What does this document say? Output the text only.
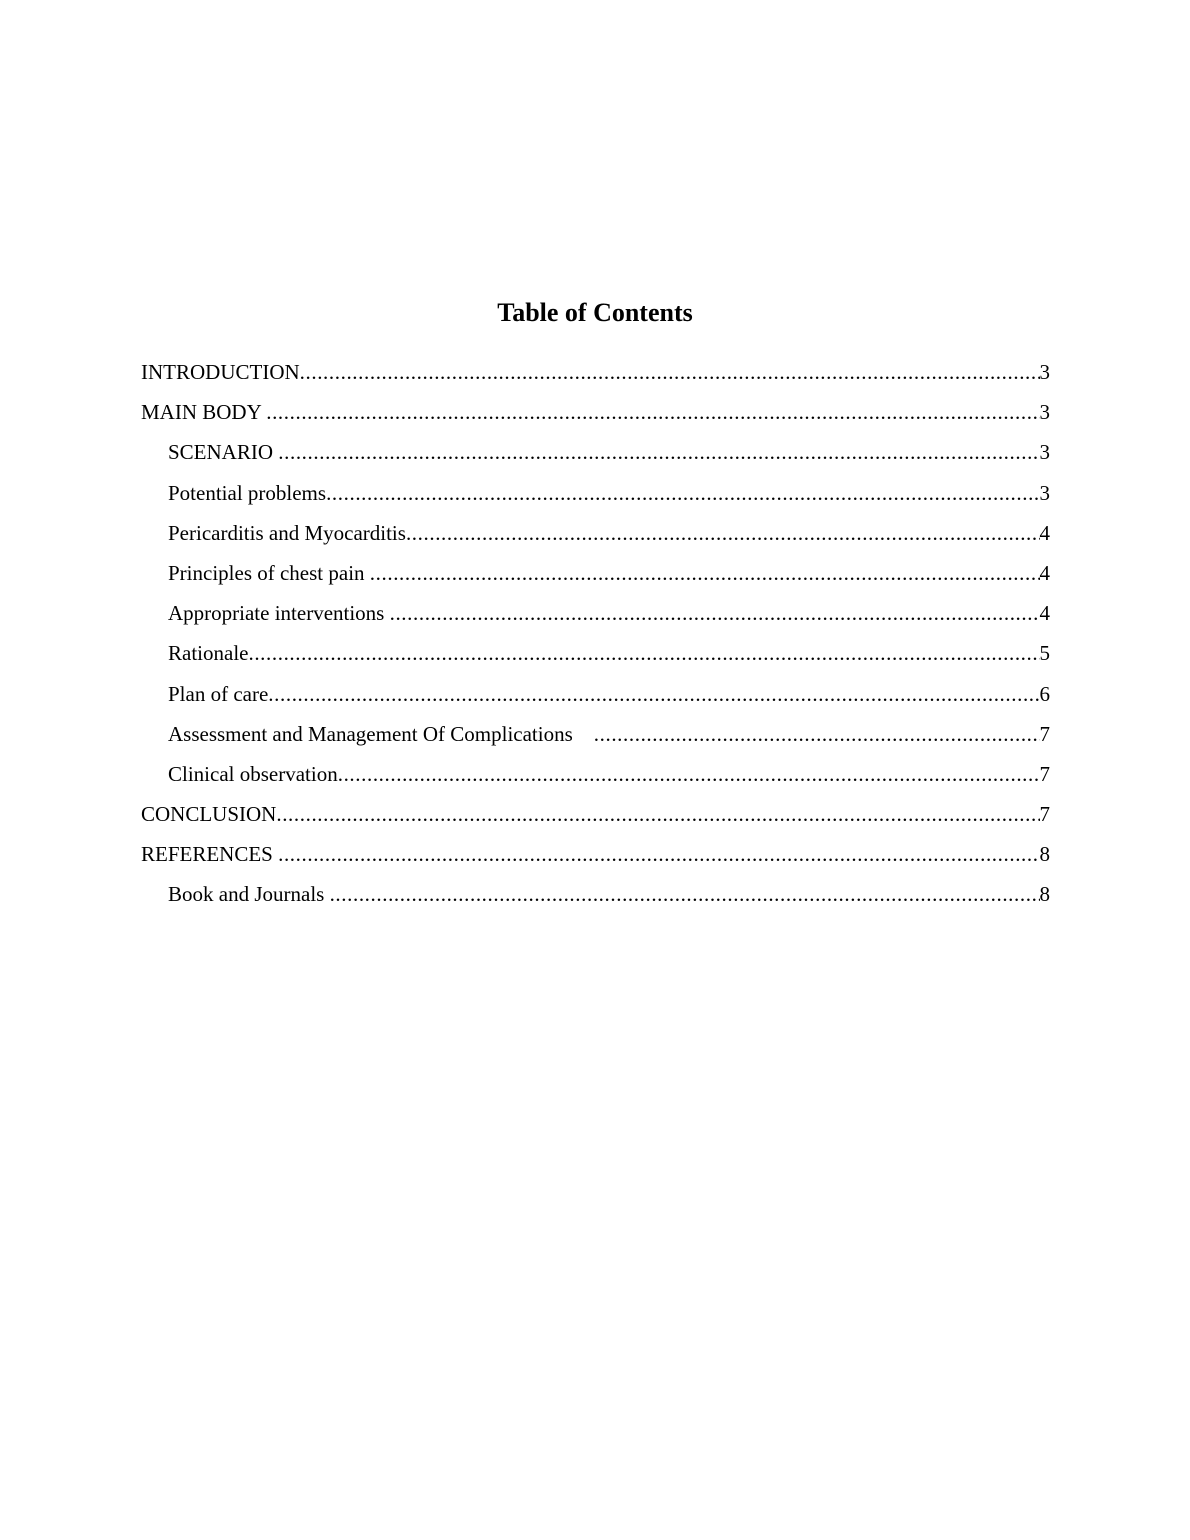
Table of Contents
INTRODUCTION .....	3
MAIN BODY .....	3
SCENARIO .....	3
Potential problems .....	3
Pericarditis and Myocarditis .....	4
Principles of chest pain .....	4
Appropriate interventions .....	4
Rationale .....	5
Plan of care .....	6
Assessment and Management Of Complications .....	7
Clinical observation .....	7
CONCLUSION .....	7
REFERENCES .....	8
Book and Journals .....	8
